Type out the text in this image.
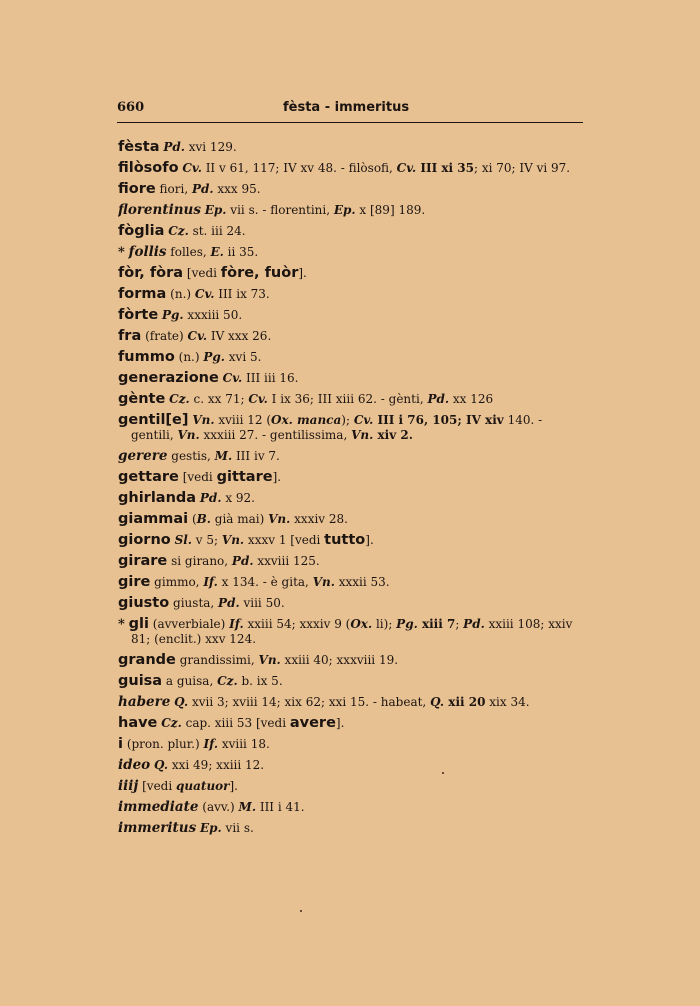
660	fèsta - immeritus
fèsta Pd. xvi 129.
filòsofo Cv. II v 61, 117; IV xv 48. - filòsofi, Cv. III xi 35; xi 70; IV vi 97.
fiore fiori, Pd. xxx 95.
florentinus Ep. vii s. - florentini, Ep. x [89] 189.
fòglia Cz. st. iii 24.
* follis folles, E. ii 35.
fòr, fòra [vedi fòre, fuòr].
forma (n.) Cv. III ix 73.
fòrte Pg. xxxiii 50.
fra (frate) Cv. IV xxx 26.
fummo (n.) Pg. xvi 5.
generazione Cv. III iii 16.
gènte Cz. c. xx 71; Cv. I ix 36; III xiii 62. - gènti, Pd. xx 126
gentil[e] Vn. xviii 12 (Ox. manca); Cv. III i 76, 105; IV xiv 140. - gentili, Vn. xxxiii 27. - gentilissima, Vn. xiv 2.
gerere gestis, M. III iv 7.
gettare [vedi gittare].
ghirlanda Pd. x 92.
giammai (B. già mai) Vn. xxxiv 28.
giorno Sl. v 5; Vn. xxxv 1 [vedi tutto].
girare si girano, Pd. xxviii 125.
gire gimmo, If. x 134. - è gita, Vn. xxxii 53.
giusto giusta, Pd. viii 50.
* gli (avverbiale) If. xxiii 54; xxxiv 9 (Ox. li); Pg. xiii 7; Pd. xxiii 108; xxiv 81; (enclit.) xxv 124.
grande grandissimi, Vn. xxiii 40; xxxviii 19.
guisa a guisa, Cz. b. ix 5.
habere Q. xvii 3; xviii 14; xix 62; xxi 15. - habeat, Q. xii 20 xix 34.
have Cz. cap. xiii 53 [vedi avere].
i (pron. plur.) If. xviii 18.
ideo Q. xxi 49; xxiii 12.
iiij [vedi quatuor].
immediate (avv.) M. III i 41.
immeritus Ep. vii s.
